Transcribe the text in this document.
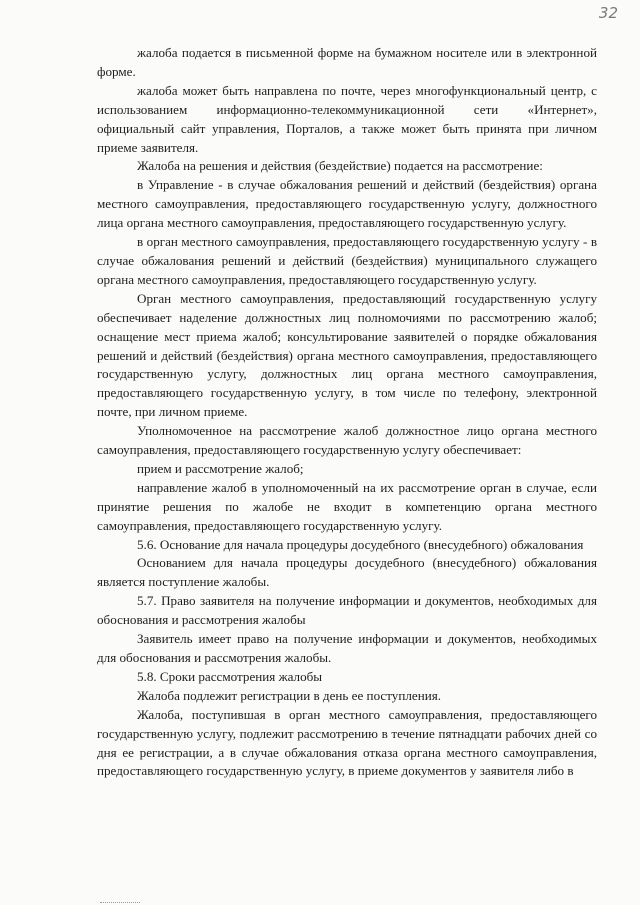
32

жалоба подается в письменной форме на бумажном носителе или в электронной форме.

жалоба может быть направлена по почте, через многофункциональный центр, с использованием информационно-телекоммуникационной сети «Интернет», официальный сайт управления, Порталов, а также может быть принята при личном приеме заявителя.

Жалоба на решения и действия (бездействие) подается на рассмотрение:

в Управление - в случае обжалования решений и действий (бездействия) органа местного самоуправления, предоставляющего государственную услугу, должностного лица органа местного самоуправления, предоставляющего государственную услугу.

в орган местного самоуправления, предоставляющего государственную услугу - в случае обжалования решений и действий (бездействия) муниципального служащего органа местного самоуправления, предоставляющего государственную услугу.

Орган местного самоуправления, предоставляющий государственную услугу обеспечивает наделение должностных лиц полномочиями по рассмотрению жалоб; оснащение мест приема жалоб; консультирование заявителей о порядке обжалования решений и действий (бездействия) органа местного самоуправления, предоставляющего государственную услугу, должностных лиц органа местного самоуправления, предоставляющего государственную услугу, в том числе по телефону, электронной почте, при личном приеме.

Уполномоченное на рассмотрение жалоб должностное лицо органа местного самоуправления, предоставляющего государственную услугу обеспечивает:

прием и рассмотрение жалоб;

направление жалоб в уполномоченный на их рассмотрение орган в случае, если принятие решения по жалобе не входит в компетенцию органа местного самоуправления, предоставляющего государственную услугу.

5.6. Основание для начала процедуры досудебного (внесудебного) обжалования

Основанием для начала процедуры досудебного (внесудебного) обжалования является поступление жалобы.

5.7. Право заявителя на получение информации и документов, необходимых для обоснования и рассмотрения жалобы

Заявитель имеет право на получение информации и документов, необходимых для обоснования и рассмотрения жалобы.

5.8. Сроки рассмотрения жалобы

Жалоба подлежит регистрации в день ее поступления.

Жалоба, поступившая в орган местного самоуправления, предоставляющего государственную услугу, подлежит рассмотрению в течение пятнадцати рабочих дней со дня ее регистрации, а в случае обжалования отказа органа местного самоуправления, предоставляющего государственную услугу, в приеме документов у заявителя либо в
